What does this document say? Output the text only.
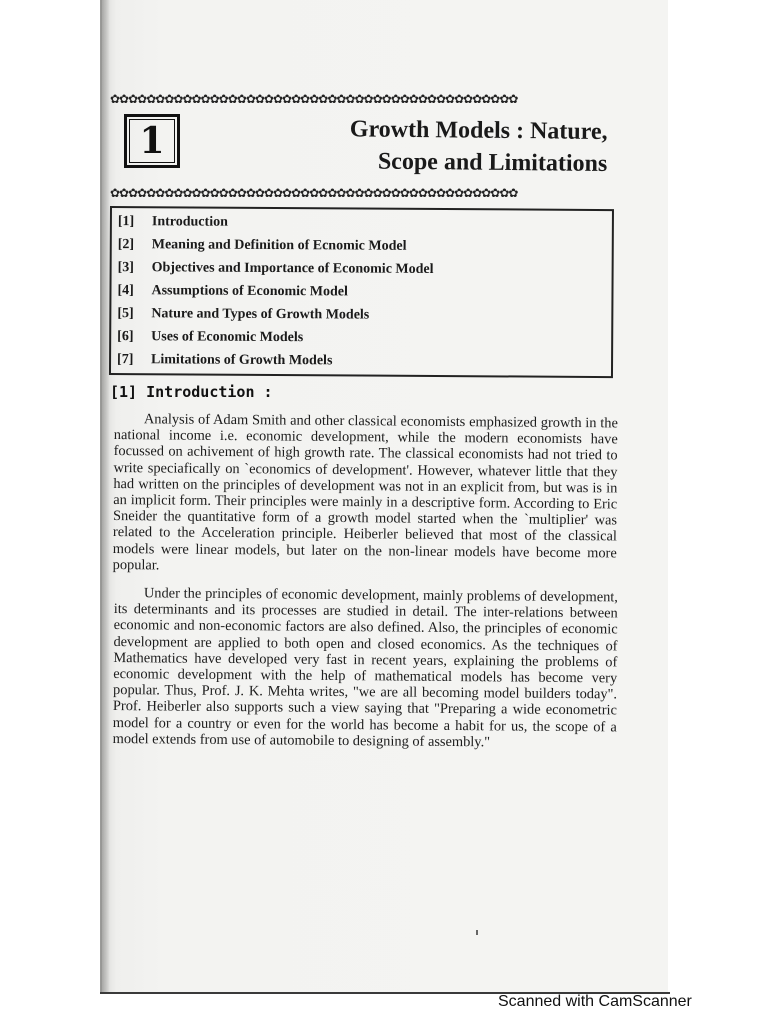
✿✿✿✿✿✿✿✿✿✿✿✿✿✿✿✿✿✿✿✿✿✿✿✿✿✿✿✿✿✿✿✿✿✿✿✿✿✿✿✿✿✿✿✿✿
1	Growth Models : Nature,
Scope and Limitations
✿✿✿✿✿✿✿✿✿✿✿✿✿✿✿✿✿✿✿✿✿✿✿✿✿✿✿✿✿✿✿✿✿✿✿✿✿✿✿✿✿✿✿✿✿
[1]	Introduction
[2]	Meaning and Definition of Ecnomic Model
[3]	Objectives and Importance of Economic Model
[4]	Assumptions of Economic Model
[5]	Nature and Types of Growth Models
[6]	Uses of Economic Models
[7]	Limitations of Growth Models
[1] Introduction :

Analysis of Adam Smith and other classical economists emphasized growth in the national income i.e. economic development, while the modern economists have focussed on achivement of high growth rate. The classical economists had not tried to write speciafically on `economics of development'. However, whatever little that they had written on the principles of development was not in an explicit from, but was is in an implicit form. Their principles were mainly in a descriptive form. According to Eric Sneider the quantitative form of a growth model started when the `multiplier' was related to the Acceleration principle. Heiberler believed that most of the classical models were linear models, but later on the non-linear models have become more popular.

Under the principles of economic development, mainly problems of development, its determinants and its processes are studied in detail. The inter-relations between economic and non-economic factors are also defined. Also, the principles of economic development are applied to both open and closed economics. As the techniques of Mathematics have developed very fast in recent years, explaining the problems of economic development with the help of mathematical models has become very popular. Thus, Prof. J. K. Mehta writes, "we are all becoming model builders today". Prof. Heiberler also supports such a view saying that "Preparing a wide econometric model for a country or even for the world has become a habit for us, the scope of a model extends from use of automobile to designing of assembly."

Scanned with CamScanner
